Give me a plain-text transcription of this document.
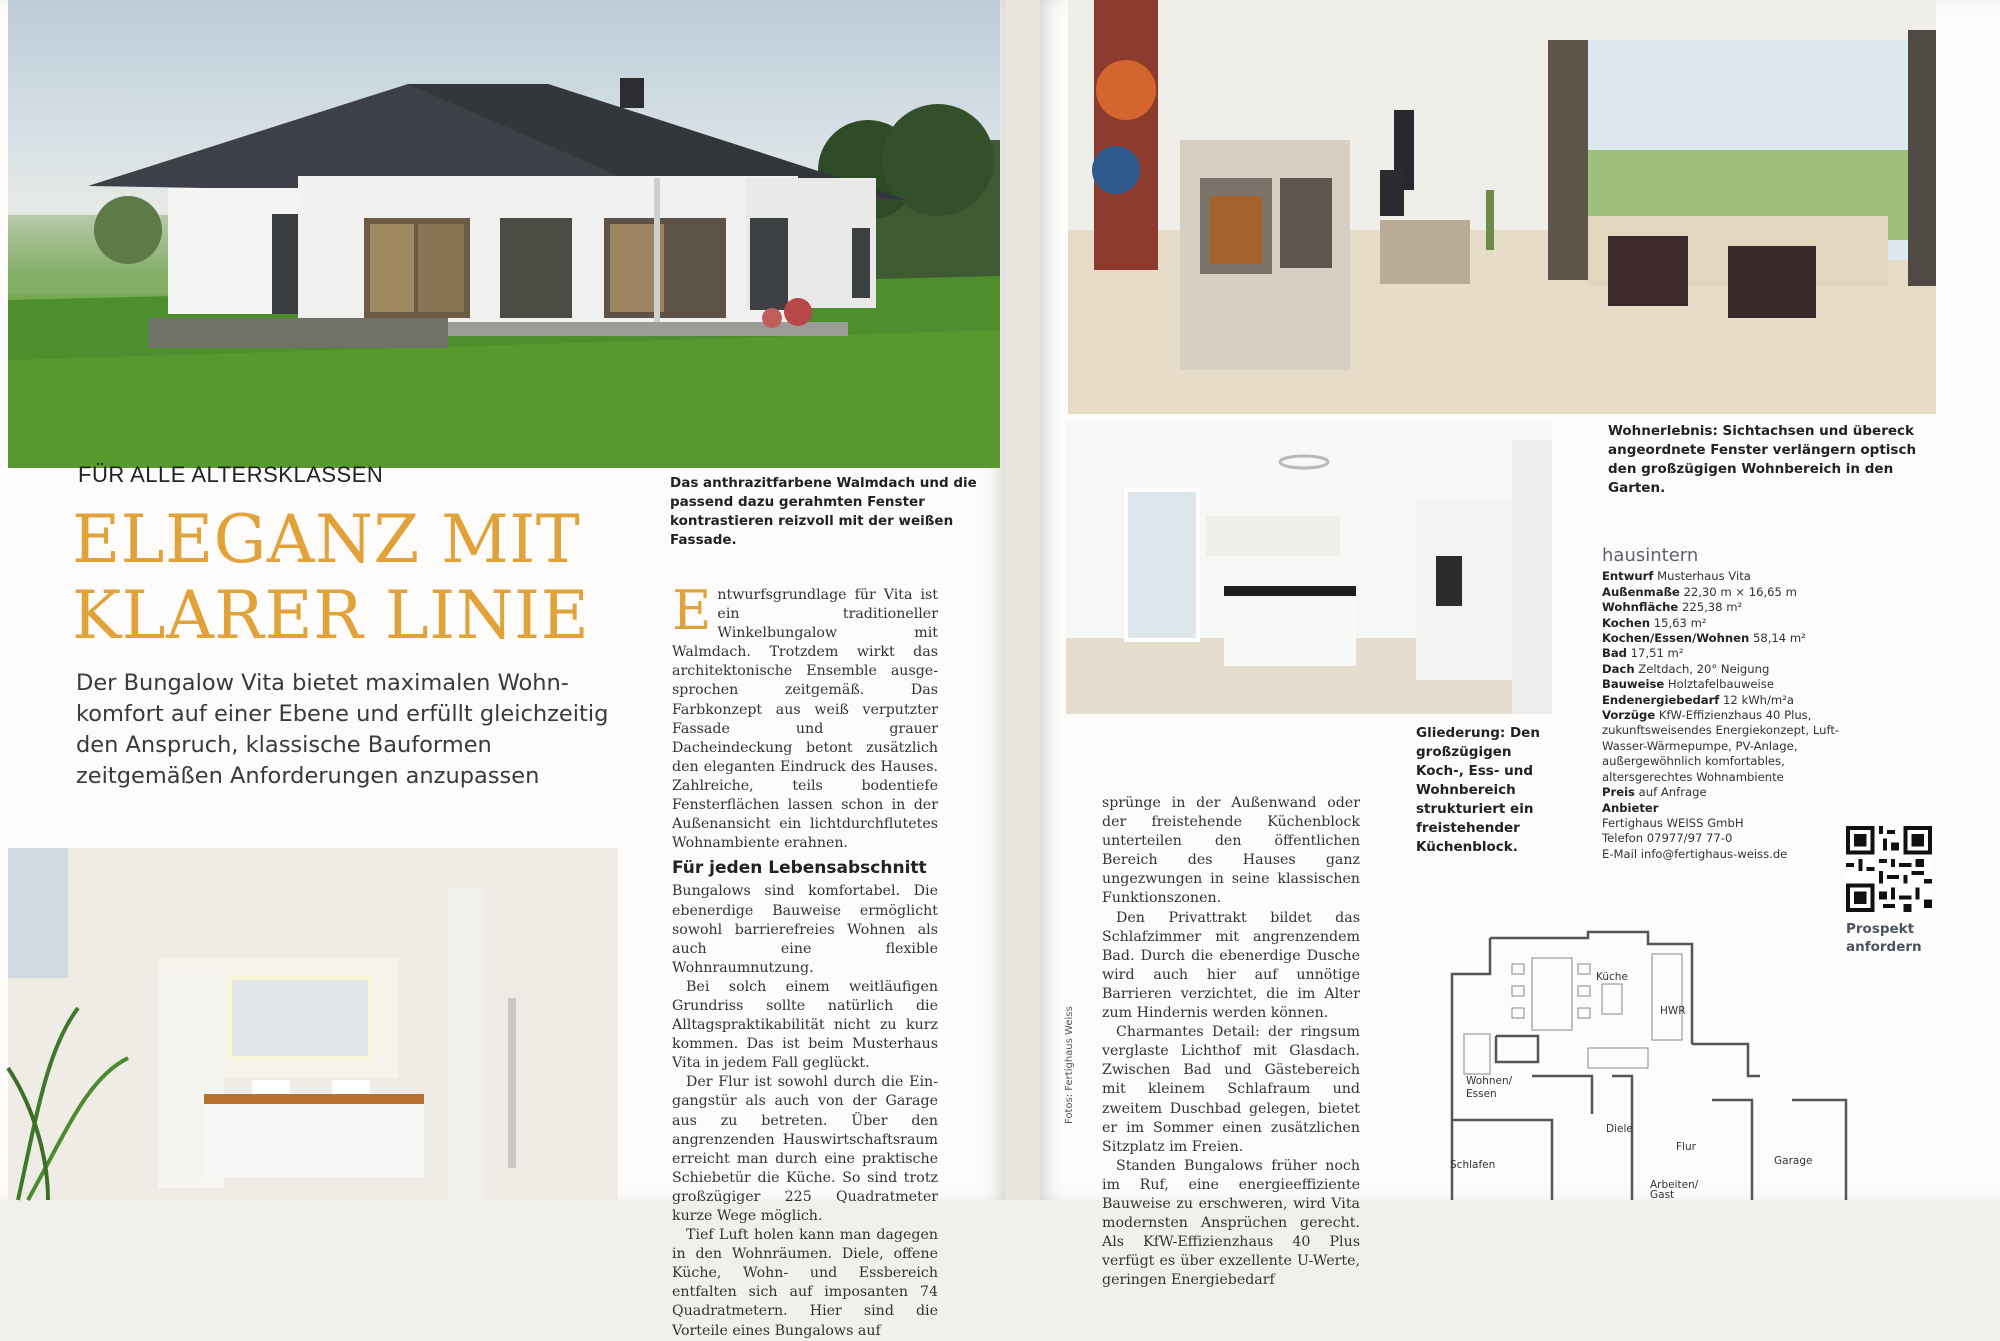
FÜR ALLE ALTERSKLASSEN
ELEGANZ MIT
KLARER LINIE
Der Bungalow Vita bietet maximalen Wohnkomfort auf einer Ebene und erfüllt gleichzeitig den Anspruch, klassische Bauformen zeitgemäßen Anforderungen anzupassen
Das anthrazitfarbene Walmdach und die passend dazu gerahmten Fenster kontrastieren reizvoll mit der weißen Fassade.

Entwurfsgrundlage für Vita ist ein traditioneller Winkelbungalow mit Walmdach. Trotzdem wirkt das architektonische Ensemble ausgesprochen zeitgemäß. Das Farbkonzept aus weiß verputzter Fassade und grauer Dacheindeckung betont zusätzlich den eleganten Eindruck des Hauses. Zahlreiche, teils bodentiefe Fensterflächen lassen schon in der Außenansicht ein lichtdurchflutetes Wohnambiente erahnen.

Für jeden Lebensabschnitt

Bungalows sind komfortabel. Die ebenerdige Bauweise ermöglicht sowohl barrierefreies Wohnen als auch eine flexible Wohnraumnutzung.

Bei solch einem weitläufigen Grundriss sollte natürlich die Alltagspraktikabilität nicht zu kurz kommen. Das ist beim Musterhaus Vita in jedem Fall geglückt.

Der Flur ist sowohl durch die Eingangstür als auch von der Garage aus zu betreten. Über den angrenzenden Hauswirtschaftsraum erreicht man durch eine praktische Schiebetür die Küche. So sind trotz großzügiger 225 Quadratmeter kurze Wege möglich.

Tief Luft holen kann man dagegen in den Wohnräumen. Diele, offene Küche, Wohn- und Essbereich entfalten sich auf imposanten 74 Quadratmetern. Hier sind die Vorteile eines Bungalows auf

Fotos: Fertighaus Weiss
Wohnerlebnis: Sichtachsen und übereck angeordnete Fenster verlängern optisch den großzügigen Wohnbereich in den Garten.
Gliederung: Den großzügigen Koch-, Ess- und Wohnbereich strukturiert ein freistehender Küchenblock.

sprünge in der Außenwand oder der freistehende Küchenblock unterteilen den öffentlichen Bereich des Hauses ganz ungezwungen in seine klassischen Funktionszonen.

Den Privattrakt bildet das Schlafzimmer mit angrenzendem Bad. Durch die ebenerdige Dusche wird auch hier auf unnötige Barrieren verzichtet, die im Alter zum Hindernis werden können.

Charmantes Detail: der ringsum verglaste Lichthof mit Glasdach. Zwischen Bad und Gästebereich mit kleinem Schlafraum und zweitem Duschbad gelegen, bietet er im Sommer einen zusätzlichen Sitzplatz im Freien.

Standen Bungalows früher noch im Ruf, eine energieeffiziente Bauweise zu erschweren, wird Vita modernsten Ansprüchen gerecht. Als KfW-Effizienzhaus 40 Plus verfügt es über exzellente U-Werte, geringen Energiebedarf

hausintern
Entwurf Musterhaus Vita
Außenmaße 22,30 m × 16,65 m
Wohnfläche 225,38 m²
Kochen 15,63 m²
Kochen/Essen/Wohnen 58,14 m²
Bad 17,51 m²
Dach Zeltdach, 20° Neigung
Bauweise Holztafelbauweise
Endenergiebedarf 12 kWh/m²a
Vorzüge KfW-Effizienzhaus 40 Plus, zukunftsweisendes Energiekonzept, Luft-Wasser-Wärmepumpe, PV-Anlage, außergewöhnlich komfortables, altersgerechtes Wohnambiente
Preis auf Anfrage
Anbieter
Fertighaus WEISS GmbH
Telefon 07977/97 77-0
E-Mail info@fertighaus-weiss.de
Prospekt
anfordern
Küche
HWR
Wohnen/
Essen
Diele
Flur
Garage
Schlafen
Arbeiten/
Gast
